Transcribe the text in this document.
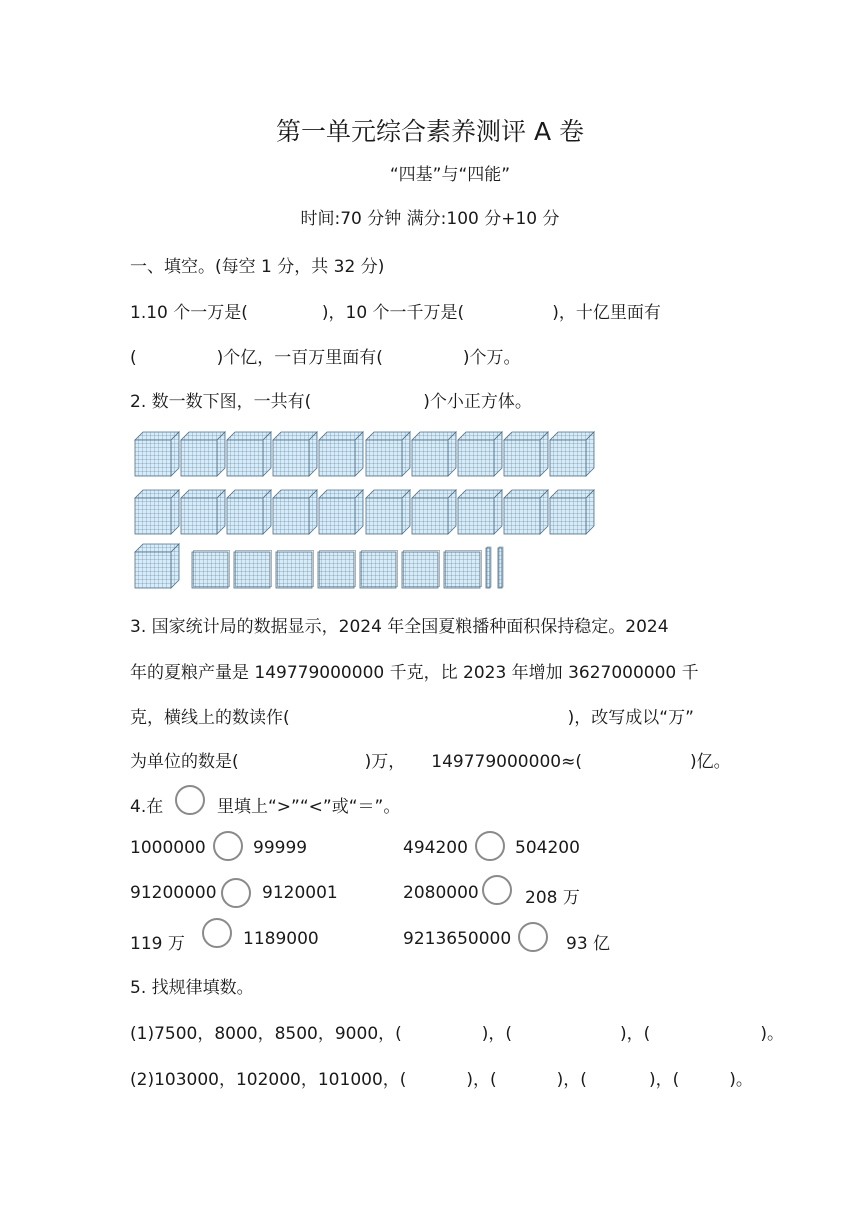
第一单元综合素养测评 A 卷
“四基”与“四能”
时间:70 分钟 满分:100 分+10 分
一、填空。(每空 1 分，共 32 分)
1.10 个一万是(	)，10 个一千万是(	)，十亿里面有
(	)个亿，一百万里面有(	)个万。
2. 数一数下图，一共有(	)个小正方体。
3. 国家统计局的数据显示，2024 年全国夏粮播种面积保持稳定。2024
年的夏粮产量是 149779000000 千克，比 2023 年增加 3627000000 千
克，横线上的数读作(	)，改写成以“万”
为单位的数是(	)万， 149779000000≈(	)亿。
4.在	里填上“>”“<”或“＝”。
1000000	99999	494200	504200
91200000	9120001	2080000	208 万
119 万	1189000	9213650000	93 亿
5. 找规律填数。
(1)7500，8000，8500，9000，(	)，(	)，(	)。
(2)103000，102000，101000，(	)，(	)，(	)，(	)。
